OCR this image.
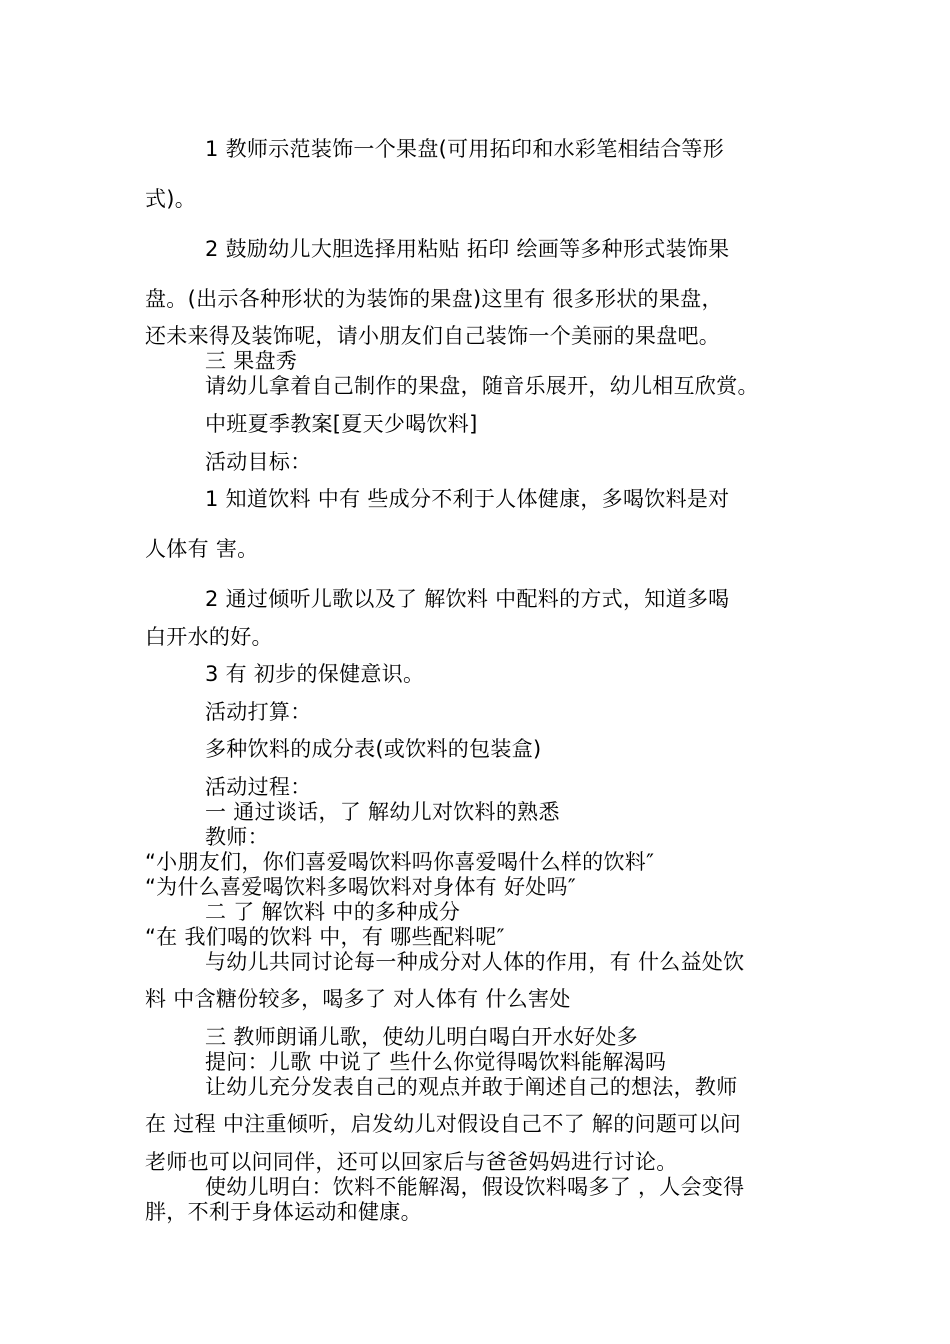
1 教师示范装饰一个果盘(可用拓印和水彩笔相结合等形
式)。
2 鼓励幼儿大胆选择用粘贴 拓印 绘画等多种形式装饰果
盘。(出示各种形状的为装饰的果盘)这里有 很多形状的果盘，
还未来得及装饰呢，请小朋友们自己装饰一个美丽的果盘吧。
三 果盘秀
请幼儿拿着自己制作的果盘，随音乐展开，幼儿相互欣赏。
中班夏季教案[夏天少喝饮料]
活动目标：
1 知道饮料 中有 些成分不利于人体健康，多喝饮料是对
人体有 害。
2 通过倾听儿歌以及了 解饮料 中配料的方式，知道多喝
白开水的好。
3 有 初步的保健意识。
活动打算：
多种饮料的成分表(或饮料的包装盒)
活动过程：
一 通过谈话，了 解幼儿对饮料的熟悉
教师：
“小朋友们，你们喜爱喝饮料吗你喜爱喝什么样的饮料″
“为什么喜爱喝饮料多喝饮料对身体有 好处吗″
二 了 解饮料 中的多种成分
“在 我们喝的饮料 中，有 哪些配料呢″
与幼儿共同讨论每一种成分对人体的作用，有 什么益处饮
料 中含糖份较多，喝多了 对人体有 什么害处
三 教师朗诵儿歌，使幼儿明白喝白开水好处多
提问：儿歌 中说了 些什么你觉得喝饮料能解渴吗
让幼儿充分发表自己的观点并敢于阐述自己的想法，教师
在 过程 中注重倾听，启发幼儿对假设自己不了 解的问题可以问
老师也可以问同伴，还可以回家后与爸爸妈妈进行讨论。
使幼儿明白：饮料不能解渴，假设饮料喝多了 ，人会变得
胖，不利于身体运动和健康。
